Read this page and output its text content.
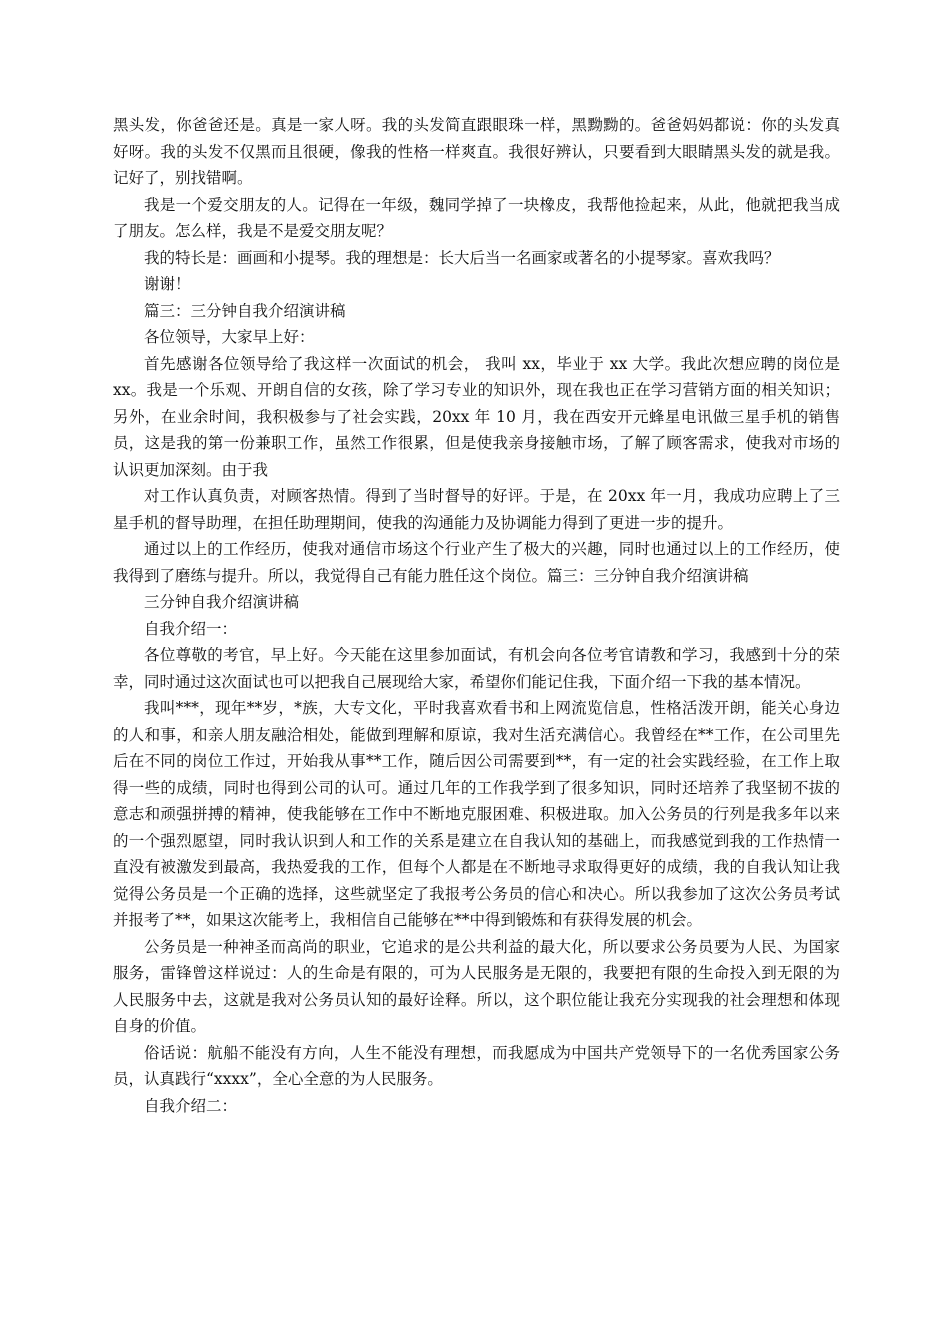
黑头发，你爸爸还是。真是一家人呀。我的头发简直跟眼珠一样，黑黝黝的。爸爸妈妈都说：你的头发真好呀。我的头发不仅黑而且很硬，像我的性格一样爽直。我很好辨认，只要看到大眼睛黑头发的就是我。记好了，别找错啊。

我是一个爱交朋友的人。记得在一年级，魏同学掉了一块橡皮，我帮他捡起来，从此，他就把我当成了朋友。怎么样，我是不是爱交朋友呢？

我的特长是：画画和小提琴。我的理想是：长大后当一名画家或著名的小提琴家。喜欢我吗？

谢谢！

篇三：三分钟自我介绍演讲稿

各位领导，大家早上好：

首先感谢各位领导给了我这样一次面试的机会， 我叫 xx，毕业于 xx 大学。我此次想应聘的岗位是 xx。我是一个乐观、开朗自信的女孩，除了学习专业的知识外，现在我也正在学习营销方面的相关知识；另外，在业余时间，我积极参与了社会实践，20xx 年 10 月，我在西安开元蜂星电讯做三星手机的销售员，这是我的第一份兼职工作，虽然工作很累，但是使我亲身接触市场，了解了顾客需求，使我对市场的认识更加深刻。由于我

对工作认真负责，对顾客热情。得到了当时督导的好评。于是，在 20xx 年一月，我成功应聘上了三星手机的督导助理，在担任助理期间，使我的沟通能力及协调能力得到了更进一步的提升。

通过以上的工作经历，使我对通信市场这个行业产生了极大的兴趣，同时也通过以上的工作经历，使我得到了磨练与提升。所以，我觉得自己有能力胜任这个岗位。篇三：三分钟自我介绍演讲稿

三分钟自我介绍演讲稿

自我介绍一：

各位尊敬的考官，早上好。今天能在这里参加面试，有机会向各位考官请教和学习，我感到十分的荣幸，同时通过这次面试也可以把我自己展现给大家，希望你们能记住我，下面介绍一下我的基本情况。

我叫***，现年**岁，*族，大专文化，平时我喜欢看书和上网流览信息，性格活泼开朗，能关心身边的人和事，和亲人朋友融洽相处，能做到理解和原谅，我对生活充满信心。我曾经在**工作，在公司里先后在不同的岗位工作过，开始我从事**工作，随后因公司需要到**，有一定的社会实践经验，在工作上取得一些的成绩，同时也得到公司的认可。通过几年的工作我学到了很多知识，同时还培养了我坚韧不拔的意志和顽强拼搏的精神，使我能够在工作中不断地克服困难、积极进取。加入公务员的行列是我多年以来的一个强烈愿望，同时我认识到人和工作的关系是建立在自我认知的基础上，而我感觉到我的工作热情一直没有被激发到最高，我热爱我的工作，但每个人都是在不断地寻求取得更好的成绩，我的自我认知让我觉得公务员是一个正确的选择，这些就坚定了我报考公务员的信心和决心。所以我参加了这次公务员考试并报考了**，如果这次能考上，我相信自己能够在**中得到锻炼和有获得发展的机会。

公务员是一种神圣而高尚的职业，它追求的是公共利益的最大化，所以要求公务员要为人民、为国家服务，雷锋曾这样说过：人的生命是有限的，可为人民服务是无限的，我要把有限的生命投入到无限的为人民服务中去，这就是我对公务员认知的最好诠释。所以，这个职位能让我充分实现我的社会理想和体现自身的价值。

俗话说：航船不能没有方向，人生不能没有理想，而我愿成为中国共产党领导下的一名优秀国家公务员，认真践行“xxxx”，全心全意的为人民服务。

自我介绍二：
